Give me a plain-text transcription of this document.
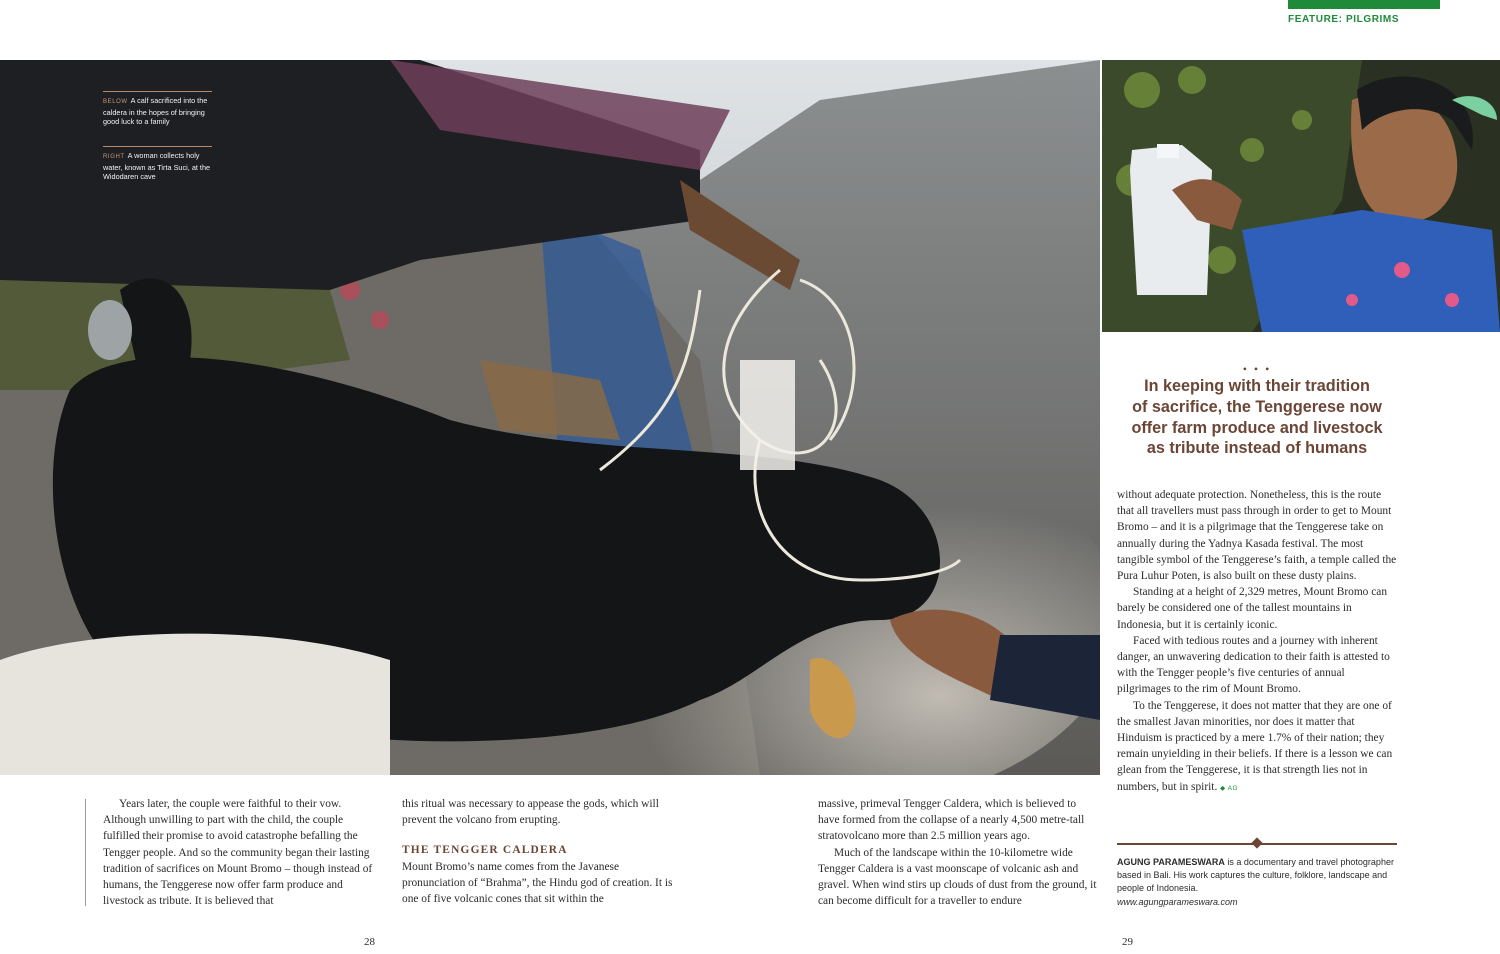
FEATURE: PILGRIMS
BELOW A calf sacrificed into the caldera in the hopes of bringing good luck to a family
RIGHT A woman collects holy water, known as Tirta Suci, at the Widodaren cave
• • •
In keeping with their tradition
of sacrifice, the Tenggerese now
offer farm produce and livestock
as tribute instead of humans

Years later, the couple were faithful to their vow. Although unwilling to part with the child, the couple fulfilled their promise to avoid catastrophe befalling the Tengger people. And so the community began their lasting tradition of sacrifices on Mount Bromo – though instead of humans, the Tenggerese now offer farm produce and livestock as tribute. It is believed that

this ritual was necessary to appease the gods, which will prevent the volcano from erupting.

THE TENGGER CALDERA

Mount Bromo’s name comes from the Javanese pronunciation of “Brahma”, the Hindu god of creation. It is one of five volcanic cones that sit within the

massive, primeval Tengger Caldera, which is believed to have formed from the collapse of a nearly 4,500 metre-tall stratovolcano more than 2.5 million years ago.

Much of the landscape within the 10-kilometre wide Tengger Caldera is a vast moonscape of volcanic ash and gravel. When wind stirs up clouds of dust from the ground, it can become difficult for a traveller to endure

without adequate protection. Nonetheless, this is the route that all travellers must pass through in order to get to Mount Bromo – and it is a pilgrimage that the Tenggerese take on annually during the Yadnya Kasada festival. The most tangible symbol of the Tenggerese’s faith, a temple called the Pura Luhur Poten, is also built on these dusty plains.

Standing at a height of 2,329 metres, Mount Bromo can barely be considered one of the tallest mountains in Indonesia, but it is certainly iconic.

Faced with tedious routes and a journey with inherent danger, an unwavering dedication to their faith is attested to with the Tengger people’s five centuries of annual pilgrimages to the rim of Mount Bromo.

To the Tenggerese, it does not matter that they are one of the smallest Javan minorities, nor does it matter that Hinduism is practiced by a mere 1.7% of their nation; they remain unyielding in their beliefs. If there is a lesson we can glean from the Tenggerese, it is that strength lies not in numbers, but in spirit. ◆ AG

AGUNG PARAMESWARA is a documentary and travel photographer based in Bali. His work captures the culture, folklore, landscape and people of Indonesia.
www.agungparameswara.com
28	29
